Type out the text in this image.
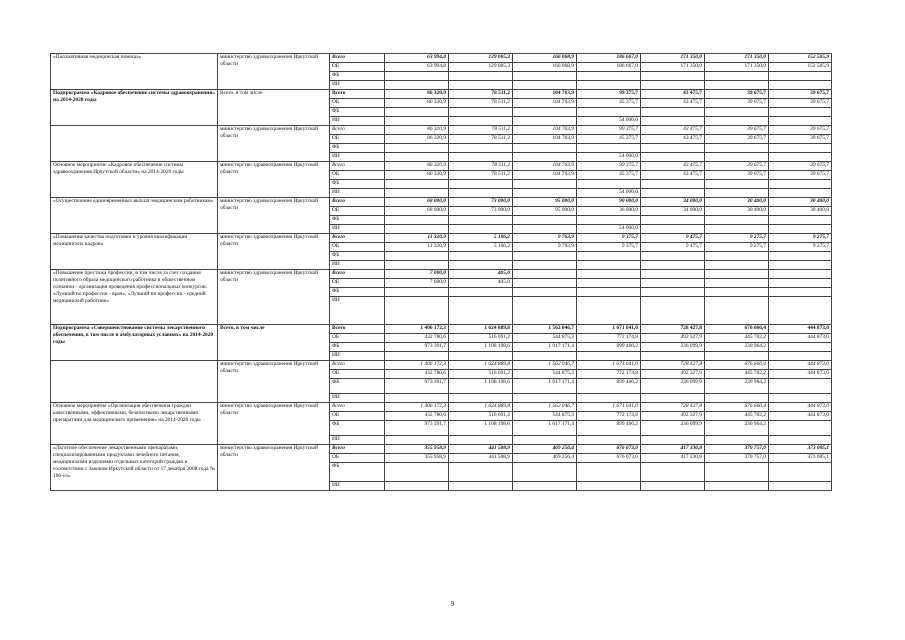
«Паллиативная медицинская помощь»	министерство здравоохранения Иркутской области	Всего	63 994,8	129 005,3	166 068,9	186 667,0	171 350,0	171 350,0	152 505,9
		ОБ	63 994,8	129 005,3	166 068,9	186 667,0	171 350,0	171 350,0	152 505,9
		ФБ							
		ИИ							
Подпрограмма «Кадровое обеспечение системы здравоохранения» на 2014-2020 годы	Всего, в том числе	Всего	86 320,9	78 511,2	104 763,9	99 375,7	43 475,7	39 675,7	39 675,7
		ОБ	86 320,9	78 511,2	104 763,9	45 375,7	43 475,7	39 675,7	39 675,7
		ФБ							
		ИИ				54 000,0			
	министерство здравоохранения Иркутской области	Всего	86 320,9	78 511,2	104 763,9	99 375,7	43 475,7	39 675,7	39 675,7
		ОБ	86 320,9	78 511,2	104 763,9	45 375,7	43 475,7	39 675,7	39 675,7
		ФБ							
		ИИ				54 000,0			
Основное мероприятие «Кадровое обеспечение системы здравоохранения Иркутской области» на 2014-2020 годы	министерство здравоохранения Иркутской области	Всего	86 320,9	78 511,2	104 763,9	99 375,7	43 475,7	39 675,7	39 675,7
		ОБ	86 320,9	78 511,2	104 763,9	45 375,7	43 475,7	39 675,7	39 675,7
		ФБ							
		ИИ				54 000,0			
«Осуществление единовременных выплат медицинским работникам»	министерство здравоохранения Иркутской области	Всего	68 000,0	73 000,0	95 000,0	90 000,0	34 000,0	30 400,0	30 400,0
		ОБ	68 000,0	73 000,0	95 000,0	36 000,0	34 000,0	30 400,0	30 400,0
		ФБ							
		ИИ				54 000,0			
«Повышение качества подготовки и уровня квалификации медицинских кадров»	министерство здравоохранения Иркутской области	Всего	11 320,9	5 106,2	9 763,9	9 375,7	9 475,7	9 275,7	9 275,7
		ОБ	11 320,9	5 106,2	9 763,9	9 375,7	9 475,7	9 275,7	9 275,7
		ФБ							
		ИИ							
«Повышение престижа профессии, в том числе за счет создания позитивного образа медицинского работника в общественном сознании - организация проведения профессиональных конкурсов: «Лучший по профессии - врач», «Лучший по профессии - средний медицинский работник»	министерство здравоохранения Иркутской области	Всего	7 000,0	405,0					
		ОБ	7 000,0	405,0					
		ФБ							
		ИИ							
Подпрограмма «Совершенствование системы лекарственного обеспечения, в том числе в амбулаторных условиях» на 2014-2020 годы	Всего, в том числе	Всего	1 406 172,3	1 624 889,8	1 562 046,7	1 671 641,0	728 427,8	676 666,4	444 873,0
		ОБ	432 780,6	516 691,2	544 875,3	772 174,8	492 327,9	445 702,2	444 873,0
		ФБ	973 391,7	1 108 198,6	1 017 171,4	899 466,2	236 099,9	230 964,2	
		ИИ							
	министерство здравоохранения Иркутской области	Всего	1 406 172,3	1 624 889,8	1 562 046,7	1 671 641,0	728 427,8	676 666,4	444 873,0
		ОБ	432 780,6	516 691,2	544 875,3	772 174,8	492 327,9	445 702,2	444 873,0
		ФБ	973 391,7	1 108 198,6	1 017 171,4	899 466,2	236 099,9	230 964,2	
		ИИ							
Основное мероприятие «Организация обеспечения граждан качественными, эффективными, безопасными лекарственными препаратами для медицинского применения» на 2014-2020 годы	министерство здравоохранения Иркутской области	Всего	1 406 172,3	1 624 889,8	1 562 046,7	1 671 641,0	728 427,8	676 666,4	444 873,0
		ОБ	432 780,6	516 691,2	544 875,3	772 174,8	492 327,9	445 702,2	444 873,0
		ФБ	973 391,7	1 108 198,6	1 017 171,4	899 466,2	236 099,9	230 964,2	
		ИИ							
«Льготное обеспечение лекарственными препаратами, специализированными продуктами лечебного питания, медицинскими изделиями отдельных категорий граждан в соответствии с Законом Иркутской области от 17 декабря 2008 года № 106-оз»	министерство здравоохранения Иркутской области	Всего	355 958,9	441 508,9	469 256,4	676 073,0	417 330,8	370 757,0	373 005,1
		ОБ	355 958,9	441 508,9	469 256,4	676 073,0	417 330,8	370 757,0	373 005,1
		ФБ							
		ИИ							
9
